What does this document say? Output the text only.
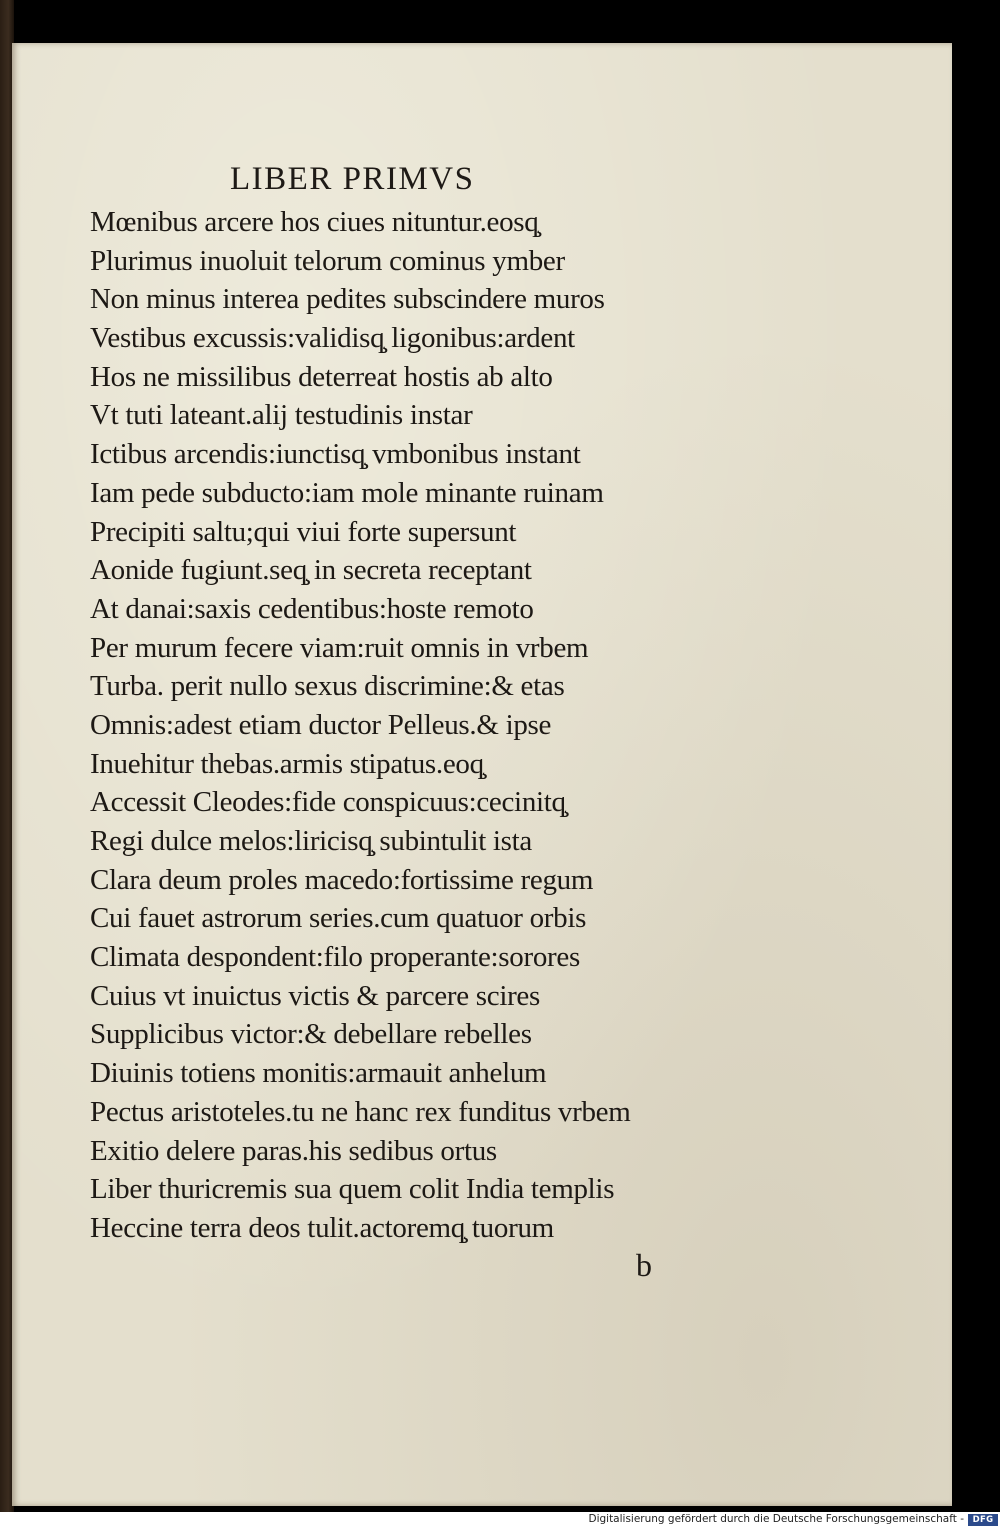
LIBER PRIMVS
Mœnibus arcere hos ciues nituntur.eosq̧
Plurimus inuoluit telorum cominus ymber
Non minus interea pedites subscindere muros
Vestibus excussis:validisq̧ ligonibus:ardent
Hos ne missilibus deterreat hostis ab alto
Vt tuti lateant.alij testudinis instar
Ictibus arcendis:iunctisq̧ vmbonibus instant
Iam pede subducto:iam mole minante ruinam
Precipiti saltu;qui viui forte supersunt
Aonide fugiunt.seq̧ in secreta receptant
At danai:saxis cedentibus:hoste remoto
Per murum fecere viam:ruit omnis in vrbem
Turba. perit nullo sexus discrimine:& etas
Omnis:adest etiam ductor Pelleus.& ipse
Inuehitur thebas.armis stipatus.eoq̧
Accessit Cleodes:fide conspicuus:cecinitq̧
Regi dulce melos:liricisq̧ subintulit ista
Clara deum proles macedo:fortissime regum
Cui fauet astrorum series.cum quatuor orbis
Climata despondent:filo properante:sorores
Cuius vt inuictus victis & parcere scires
Supplicibus victor:& debellare rebelles
Diuinis totiens monitis:armauit anhelum
Pectus aristoteles.tu ne hanc rex funditus vrbem
Exitio delere paras.his sedibus ortus
Liber thuricremis sua quem colit India templis
Heccine terra deos tulit.actoremq̧ tuorum
b
Digitalisierung gefördert durch die Deutsche Forschungsgemeinschaft -	DFG
